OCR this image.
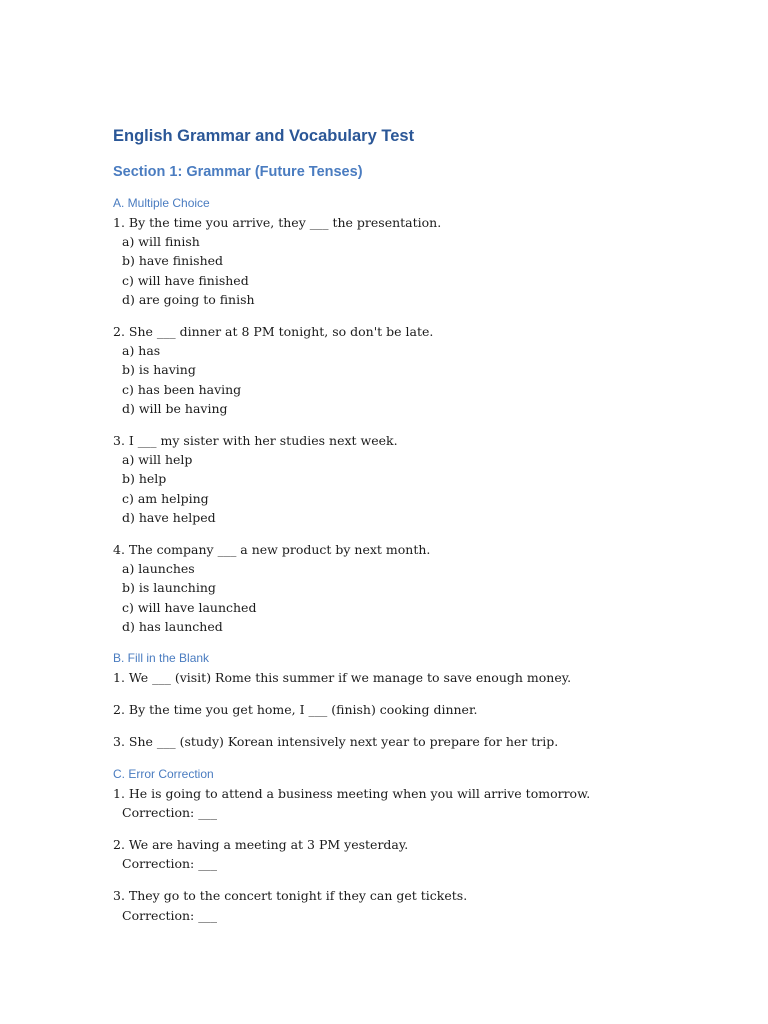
English Grammar and Vocabulary Test
Section 1: Grammar (Future Tenses)
A. Multiple Choice
1. By the time you arrive, they ___ the presentation.
a) will finish
b) have finished
c) will have finished
d) are going to finish
2. She ___ dinner at 8 PM tonight, so don't be late.
a) has
b) is having
c) has been having
d) will be having
3. I ___ my sister with her studies next week.
a) will help
b) help
c) am helping
d) have helped
4. The company ___ a new product by next month.
a) launches
b) is launching
c) will have launched
d) has launched
B. Fill in the Blank
1. We ___ (visit) Rome this summer if we manage to save enough money.
2. By the time you get home, I ___ (finish) cooking dinner.
3. She ___ (study) Korean intensively next year to prepare for her trip.
C. Error Correction
1. He is going to attend a business meeting when you will arrive tomorrow.
Correction: ___
2. We are having a meeting at 3 PM yesterday.
Correction: ___
3. They go to the concert tonight if they can get tickets.
Correction: ___
